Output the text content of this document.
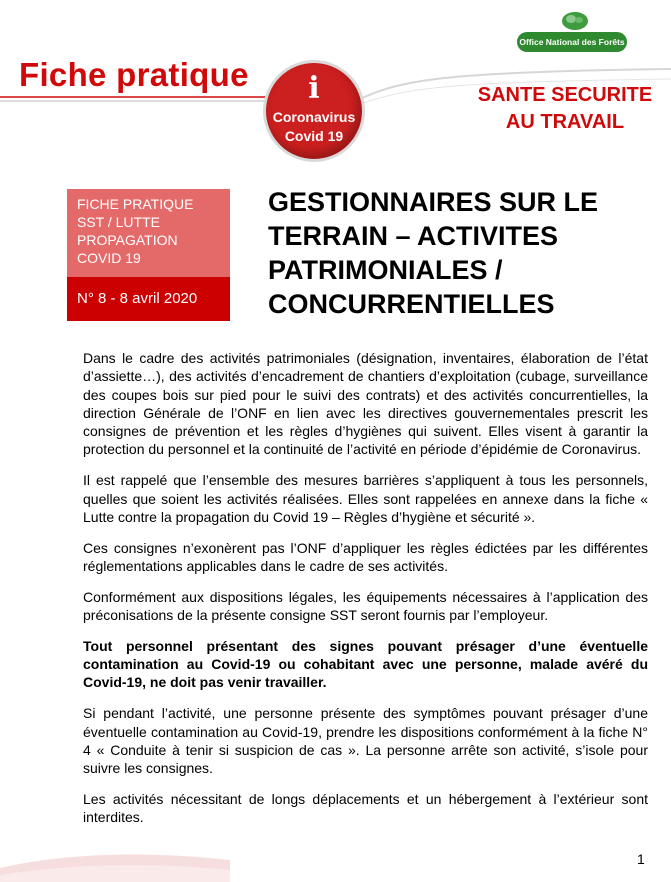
Office National des Forêts
Fiche pratique	i
Coronavirus
Covid 19
SANTE SECURITE
AU TRAVAIL
FICHE PRATIQUE
SST / LUTTE
PROPAGATION
COVID 19
N° 8 - 8 avril 2020
GESTIONNAIRES SUR LE
TERRAIN – ACTIVITES
PATRIMONIALES /
CONCURRENTIELLES

Dans le cadre des activités patrimoniales (désignation, inventaires, élaboration de l’état d’assiette…), des activités d’encadrement de chantiers d’exploitation (cubage, surveillance des coupes bois sur pied pour le suivi des contrats) et des activités concurrentielles, la direction Générale de l’ONF en lien avec les directives gouvernementales prescrit les consignes de prévention et les règles d’hygiènes qui suivent. Elles visent à garantir la protection du personnel et la continuité de l’activité en période d’épidémie de Coronavirus.

Il est rappelé que l’ensemble des mesures barrières s’appliquent à tous les personnels, quelles que soient les activités réalisées. Elles sont rappelées en annexe dans la fiche « Lutte contre la propagation du Covid 19 – Règles d’hygiène et sécurité ».

Ces consignes n’exonèrent pas l’ONF d’appliquer les règles édictées par les différentes réglementations applicables dans le cadre de ses activités.

Conformément aux dispositions légales, les équipements nécessaires à l’application des préconisations de la présente consigne SST seront fournis par l’employeur.

Tout personnel présentant des signes pouvant présager d’une éventuelle contamination au Covid-19 ou cohabitant avec une personne, malade avéré du Covid-19, ne doit pas venir travailler.

Si pendant l’activité, une personne présente des symptômes pouvant présager d’une éventuelle contamination au Covid-19, prendre les dispositions conformément à la fiche N° 4 « Conduite à tenir si suspicion de cas ». La personne arrête son activité, s’isole pour suivre les consignes.

Les activités nécessitant de longs déplacements et un hébergement à l’extérieur sont interdites.

1
